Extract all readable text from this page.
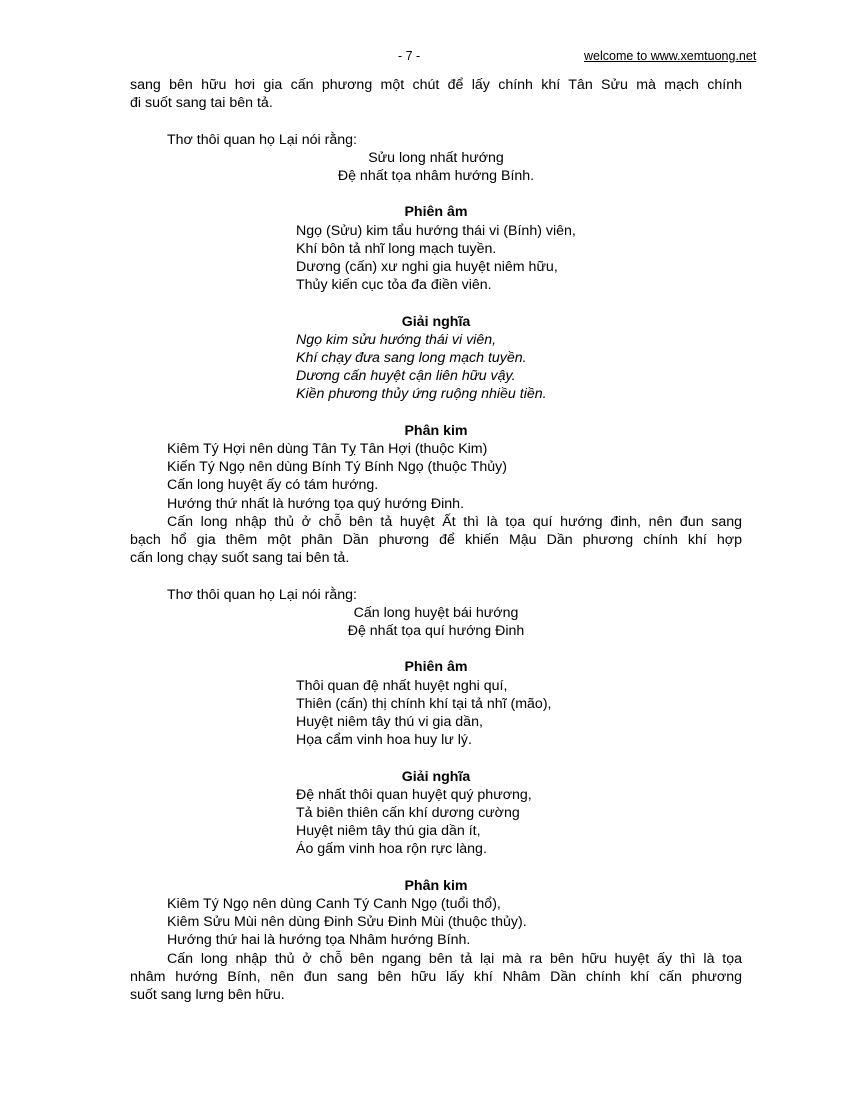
- 7 -	welcome to www.xemtuong.net
sang bên hữu hơi gia cấn phương một chút để lấy chính khí Tân Sửu mà mạch chính
đi suốt sang tai bên tả.
Thơ thôi quan họ Lại nói rằng:
Sửu long nhất hướng
Đệ nhất tọa nhâm hướng Bính.
Phiên âm
Ngọ (Sửu) kim tẩu hướng thái vi (Bính) viên,
Khí bôn tả nhĩ long mạch tuyền.
Dương (cấn) xư nghi gia huyệt niêm hữu,
Thủy kiến cục tỏa đa điền viên.
Giải nghĩa
Ngọ kim sửu hướng thái vi viên,
Khí chạy đưa sang long mạch tuyền.
Dương cấn huyệt cận liên hữu vậy.
Kiền phương thủy ứng ruộng nhiều tiền.
Phân kim
Kiêm Tý Hợi nên dùng Tân Tỵ Tân Hợi (thuộc Kim)
Kiến Tý Ngọ nên dùng Bính Tý Bính Ngọ (thuộc Thủy)
Cấn long huyệt ấy có tám hướng.
Hướng thứ nhất là hướng tọa quý hướng Đinh.
Cấn long nhập thủ ở chỗ bên tả huyệt Ất thì là tọa quí hướng đinh, nên đun sang
bạch hổ gia thêm một phân Dần phương để khiến Mậu Dần phương chính khí hợp
cấn long chạy suốt sang tai bên tả.
Thơ thôi quan họ Lại nói rằng:
Cấn long huyệt bái hướng
Đệ nhất tọa quí hướng Đinh
Phiên âm
Thôi quan đệ nhất huyệt nghi quí,
Thiên (cấn) thị chính khí tại tả nhĩ (mão),
Huyệt niêm tây thú vi gia dần,
Họa cẩm vinh hoa huy lư lý.
Giải nghĩa
Đệ nhất thôi quan huyệt quý phương,
Tả biên thiên cấn khí dương cường
Huyệt niêm tây thú gia dần ít,
Áo gấm vinh hoa rộn rực làng.
Phân kim
Kiêm Tý Ngọ nên dùng Canh Tý Canh Ngọ (tuổi thổ),
Kiêm Sửu Mùi nên dùng Đinh Sửu Đinh Mùi (thuộc thủy).
Hướng thứ hai là hướng tọa Nhâm hướng Bính.
Cấn long nhập thủ ở chỗ bên ngang bên tả lại mà ra bên hữu huyệt ấy thì là tọa
nhâm hướng Bính, nên đun sang bên hữu lấy khí Nhâm Dần chính khí cấn phương
suốt sang lưng bên hữu.
